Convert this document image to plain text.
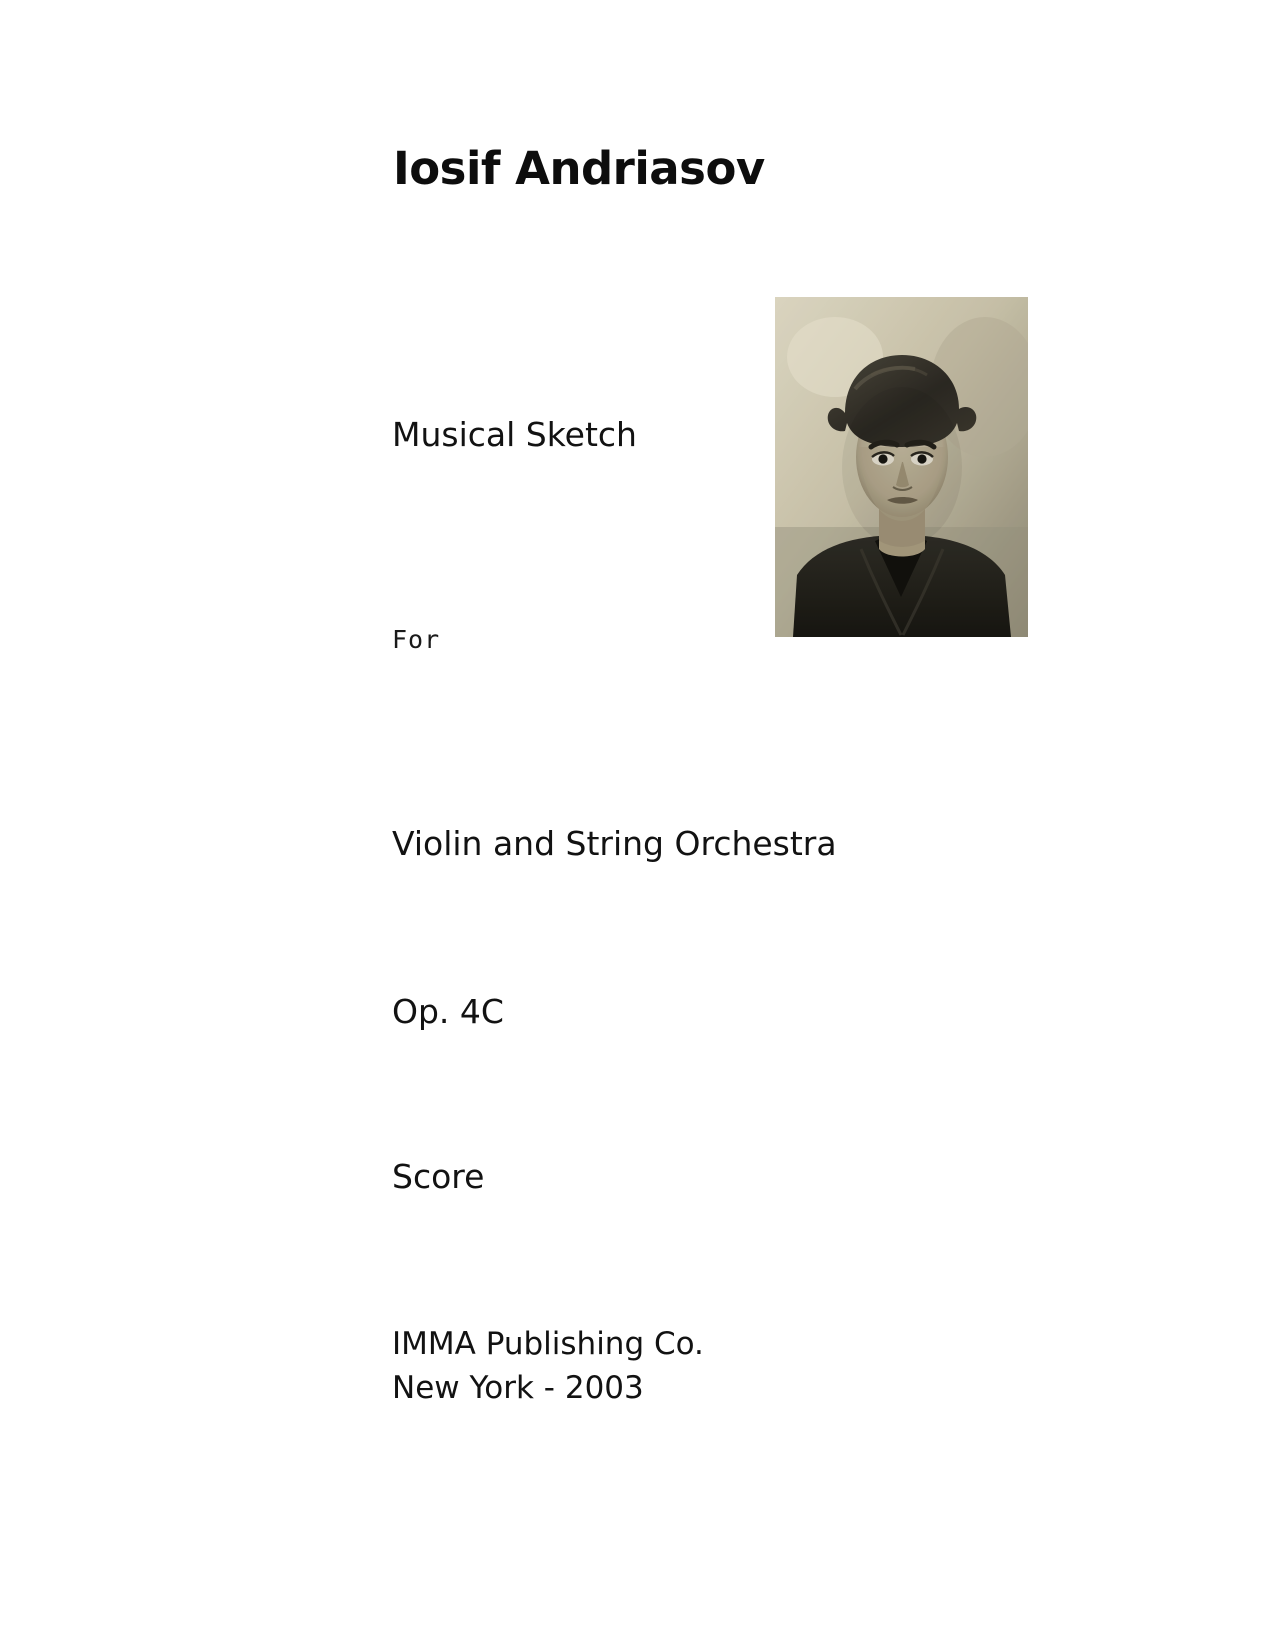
Iosif Andriasov
Musical Sketch
For
Violin and String Orchestra
Op. 4C
Score
IMMA Publishing Co.
New York - 2003
